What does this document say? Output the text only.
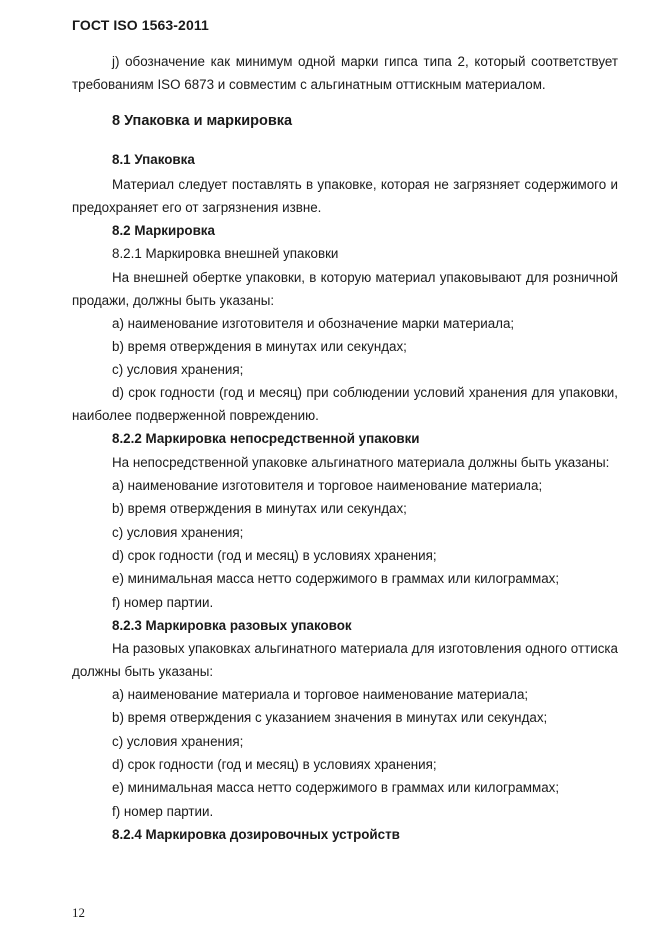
ГОСТ ISO 1563-2011

j) обозначение как минимум одной марки гипса типа 2, который соответствует требованиям ISO 6873 и совместим с альгинатным оттискным материалом.

8 Упаковка и маркировка
8.1 Упаковка

Материал следует поставлять в упаковке, которая не загрязняет содержимого и предохраняет его от загрязнения извне.

8.2 Маркировка
8.2.1 Маркировка внешней упаковки

На внешней обертке упаковки, в которую материал упаковывают для розничной продажи, должны быть указаны:

a) наименование изготовителя и обозначение марки материала;
b) время отверждения в минутах или секундах;
c) условия хранения;

d) срок годности (год и месяц) при соблюдении условий хранения для упаковки, наиболее подверженной повреждению.

8.2.2 Маркировка непосредственной упаковки
На непосредственной упаковке альгинатного материала должны быть указаны:
a) наименование изготовителя и торговое наименование материала;
b) время отверждения в минутах или секундах;
c) условия хранения;
d) срок годности (год и месяц) в условиях хранения;
e) минимальная масса нетто содержимого в граммах или килограммах;
f) номер партии.
8.2.3 Маркировка разовых упаковок

На разовых упаковках альгинатного материала для изготовления одного оттиска должны быть указаны:

a) наименование материала и торговое наименование материала;
b) время отверждения с указанием значения в минутах или секундах;
c) условия хранения;
d) срок годности (год и месяц) в условиях хранения;
e) минимальная масса нетто содержимого в граммах или килограммах;
f) номер партии.
8.2.4 Маркировка дозировочных устройств
12
